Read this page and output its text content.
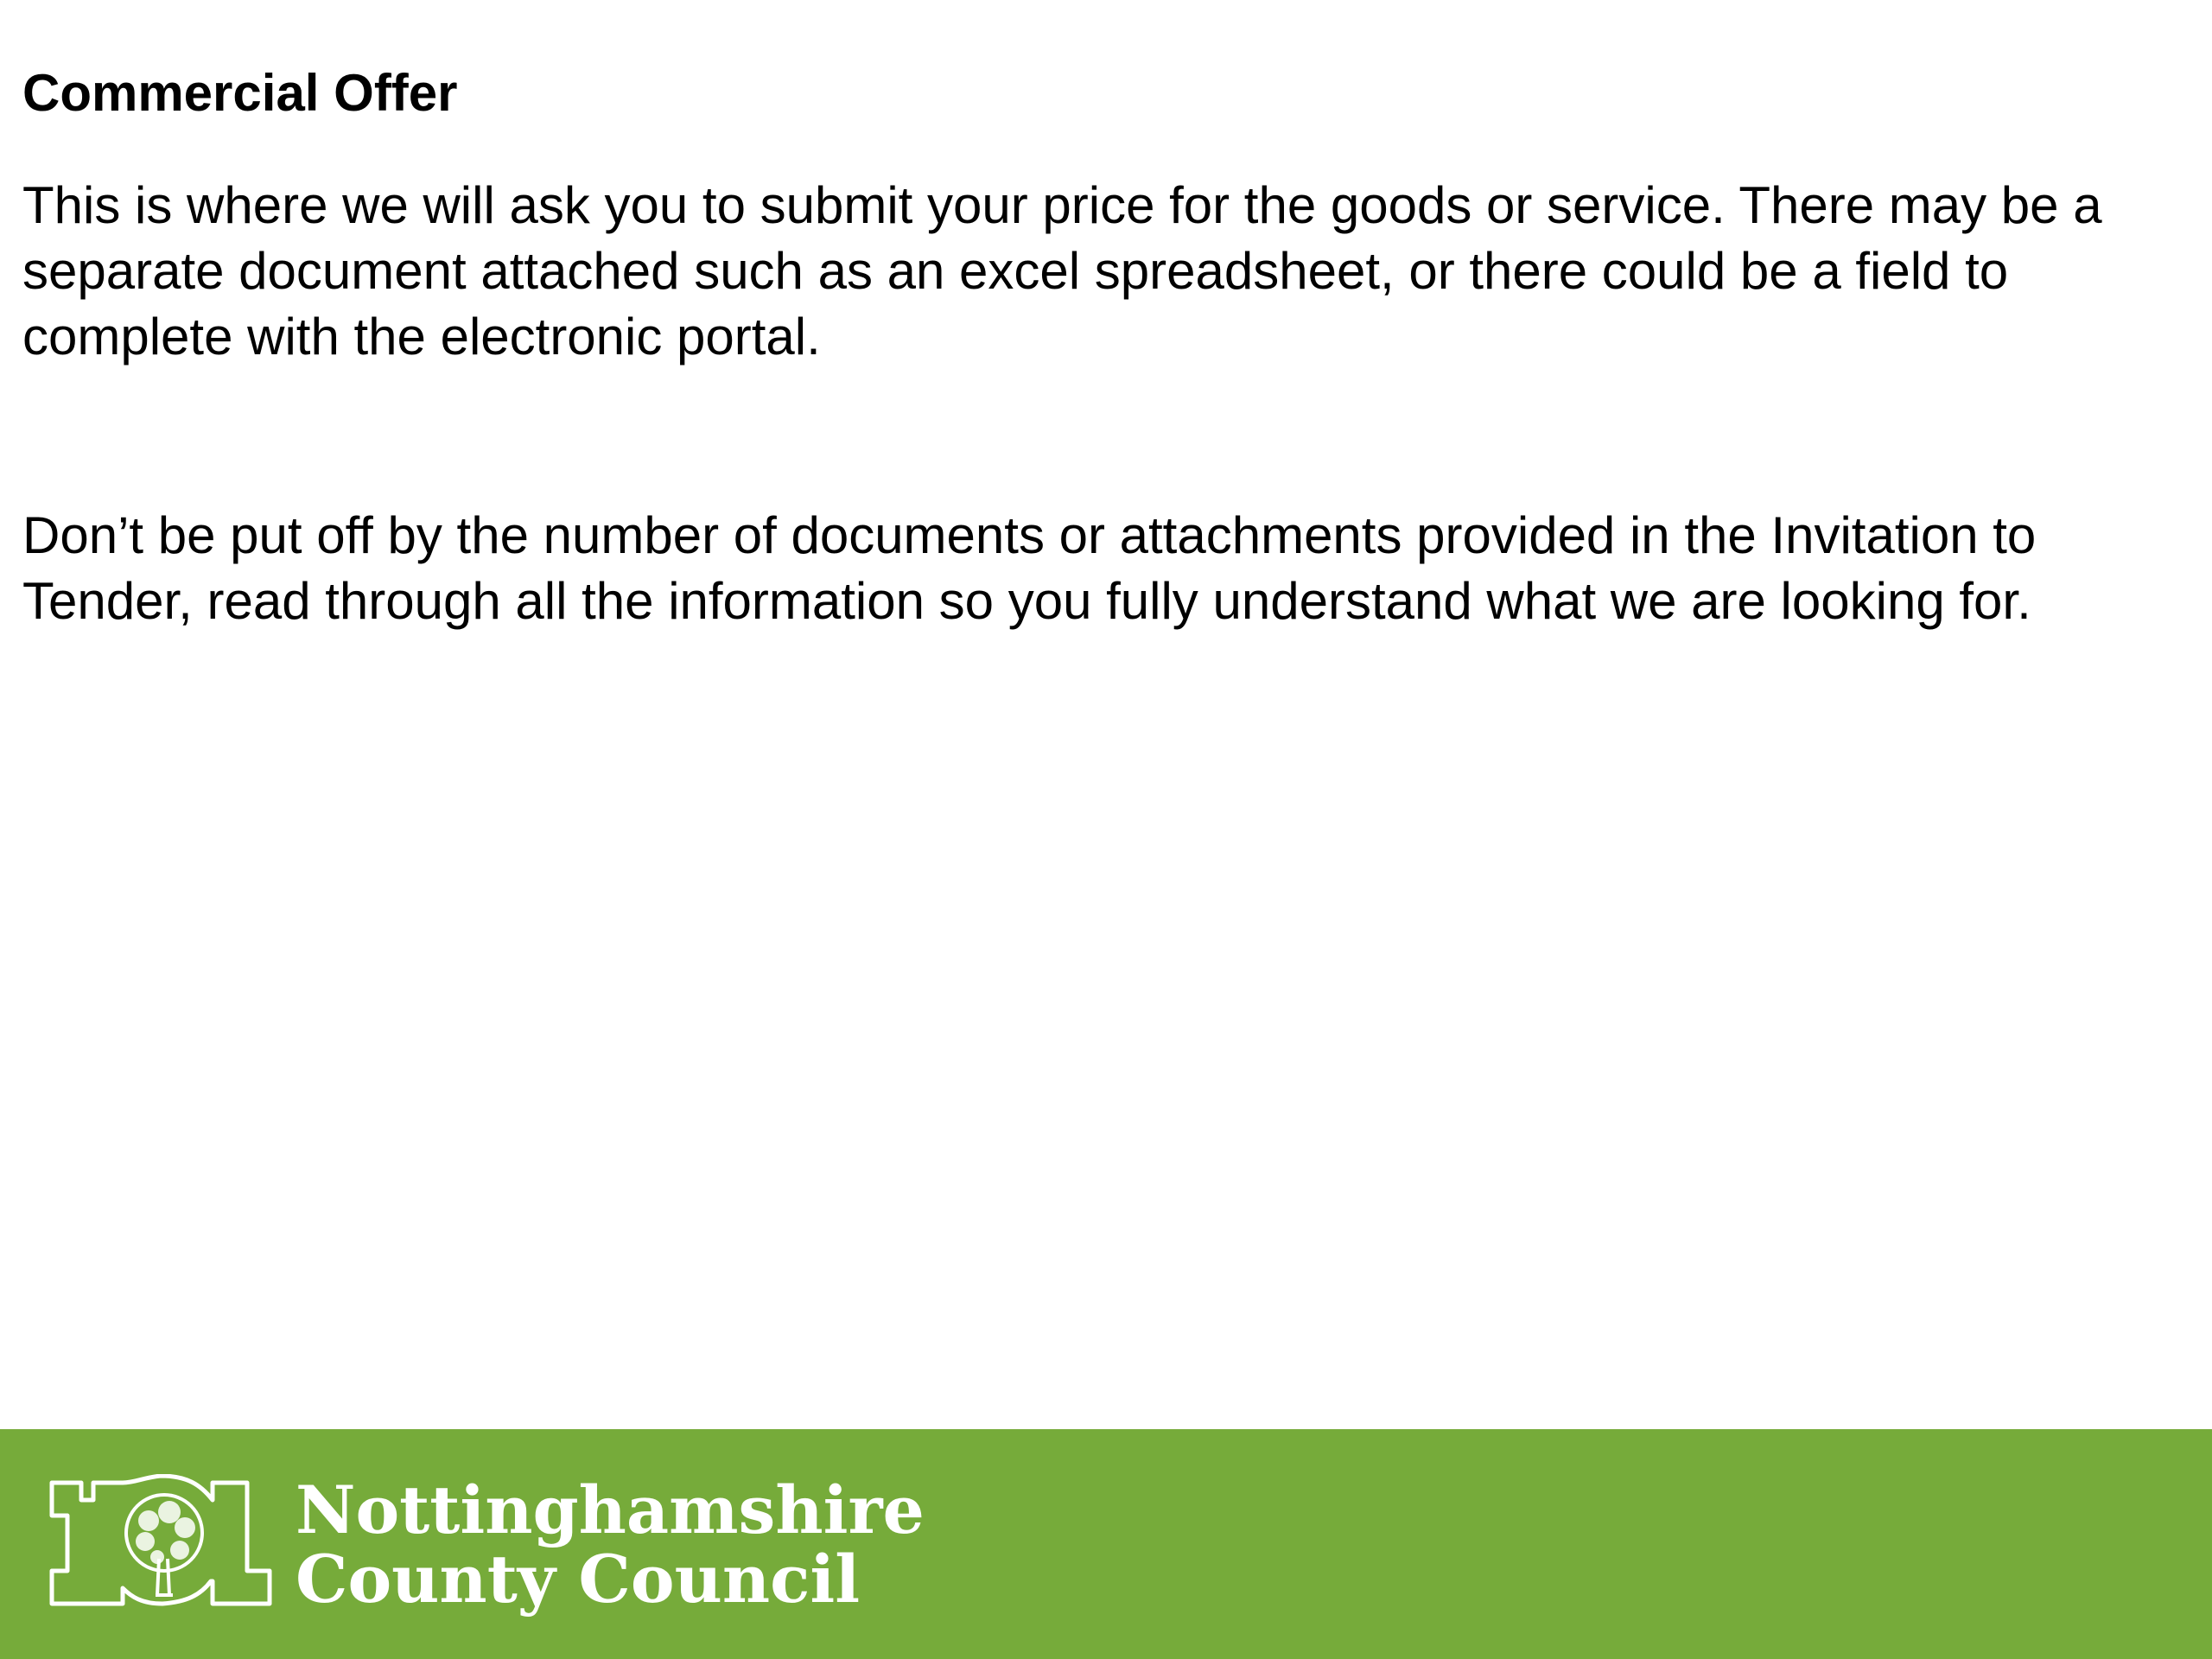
Commercial Offer

This is where we will ask you to submit your price for the goods or service. There may be a separate document attached such as an excel spreadsheet, or there could be a field to complete with the electronic portal.

Don’t be put off by the number of documents or attachments provided in the Invitation to Tender, read through all the information so you fully understand what we are looking for.

Nottinghamshire
County Council
